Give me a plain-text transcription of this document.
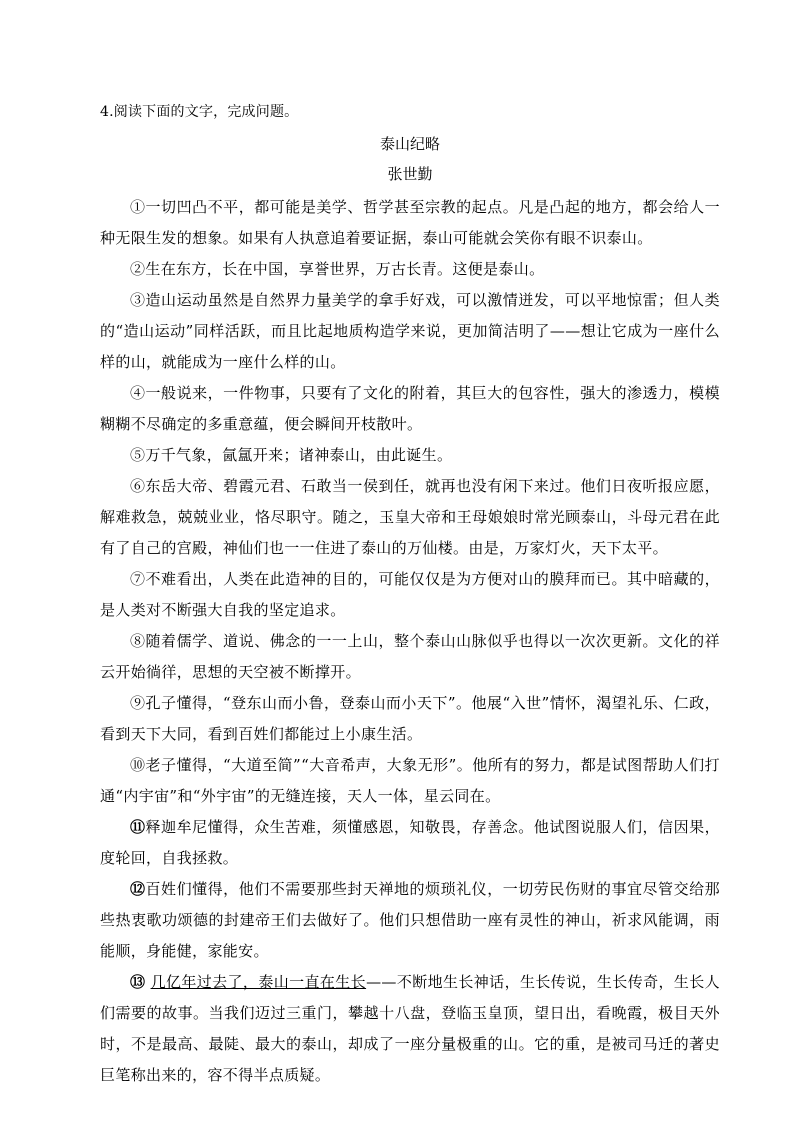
4.阅读下面的文字，完成问题。

泰山纪略

张世勤

①一切凹凸不平，都可能是美学、哲学甚至宗教的起点。凡是凸起的地方，都会给人一种无限生发的想象。如果有人执意追着要证据，泰山可能就会笑你有眼不识泰山。

②生在东方，长在中国，享誉世界，万古长青。这便是泰山。

③造山运动虽然是自然界力量美学的拿手好戏，可以激情迸发，可以平地惊雷；但人类的“造山运动”同样活跃，而且比起地质构造学来说，更加简洁明了——想让它成为一座什么样的山，就能成为一座什么样的山。

④一般说来，一件物事，只要有了文化的附着，其巨大的包容性，强大的渗透力，模模糊糊不尽确定的多重意蕴，便会瞬间开枝散叶。

⑤万千气象，氤氲开来；诸神泰山，由此诞生。

⑥东岳大帝、碧霞元君、石敢当一侯到任，就再也没有闲下来过。他们日夜听报应愿，解难救急，兢兢业业，恪尽职守。随之，玉皇大帝和王母娘娘时常光顾泰山，斗母元君在此有了自己的宫殿，神仙们也一一住进了泰山的万仙楼。由是，万家灯火，天下太平。

⑦不难看出，人类在此造神的目的，可能仅仅是为方便对山的膜拜而已。其中暗藏的，是人类对不断强大自我的坚定追求。

⑧随着儒学、道说、佛念的一一上山，整个泰山山脉似乎也得以一次次更新。文化的祥云开始徜徉，思想的天空被不断撑开。

⑨孔子懂得，“登东山而小鲁，登泰山而小天下”。他展“入世”情怀，渴望礼乐、仁政，看到天下大同，看到百姓们都能过上小康生活。

⑩老子懂得，“大道至简”“大音希声，大象无形”。他所有的努力，都是试图帮助人们打通“内宇宙”和“外宇宙”的无缝连接，天人一体，星云同在。

⑪释迦牟尼懂得，众生苦难，须懂感恩，知敬畏，存善念。他试图说服人们，信因果，度轮回，自我拯救。

⑫百姓们懂得，他们不需要那些封天禅地的烦琐礼仪，一切劳民伤财的事宜尽管交给那些热衷歌功颂德的封建帝王们去做好了。他们只想借助一座有灵性的神山，祈求风能调，雨能顺，身能健，家能安。

⑬ 几亿年过去了，泰山一直在生长——不断地生长神话，生长传说，生长传奇，生长人们需要的故事。当我们迈过三重门，攀越十八盘，登临玉皇顶，望日出，看晚霞，极目天外时，不是最高、最陡、最大的泰山，却成了一座分量极重的山。它的重，是被司马迁的著史巨笔称出来的，容不得半点质疑。
